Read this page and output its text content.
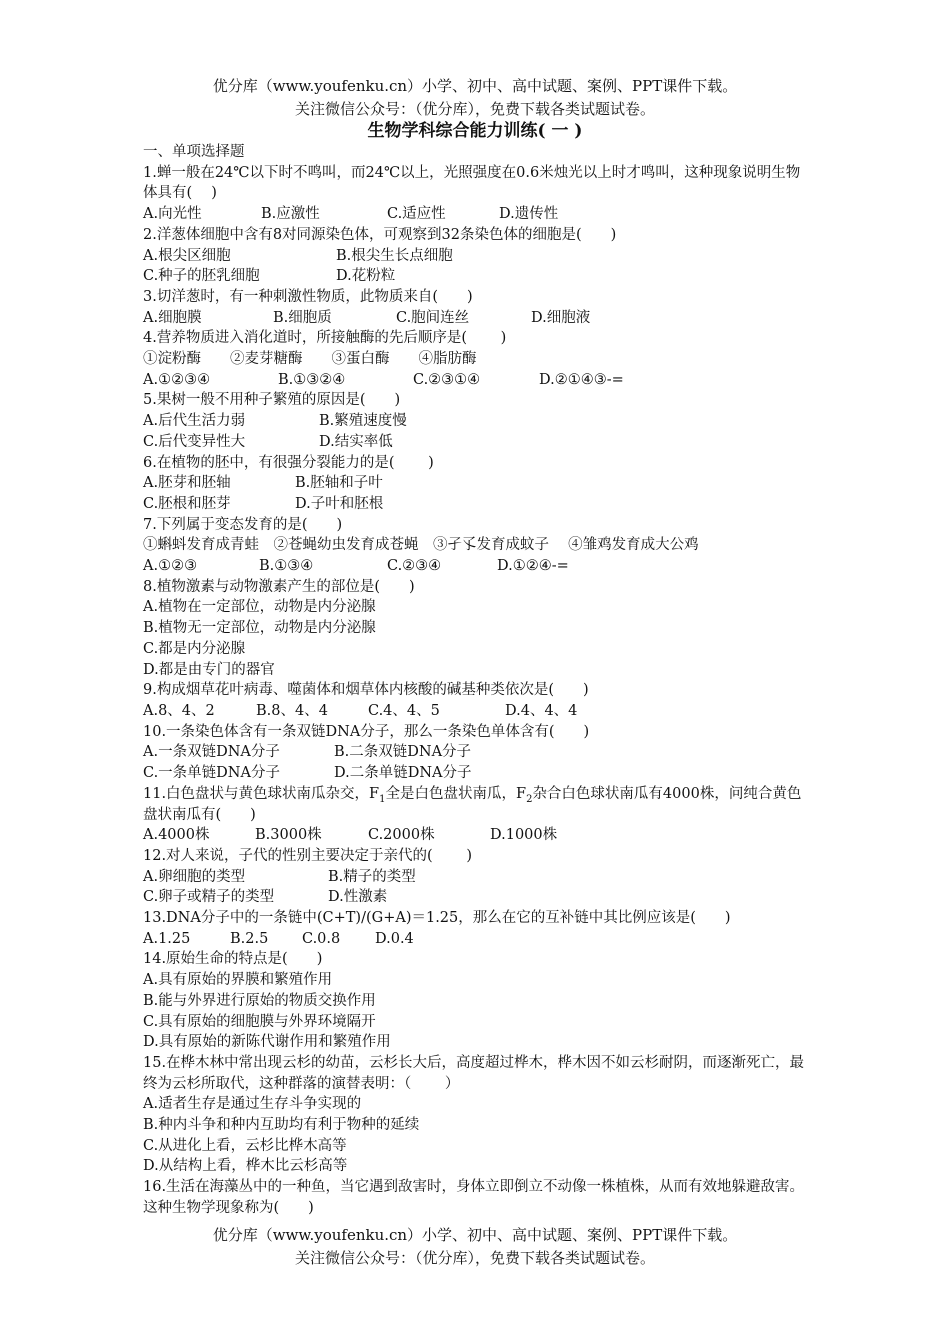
优分库（www.youfenku.cn）小学、初中、高中试题、案例、PPT课件下载。
关注微信公众号：（优分库），免费下载各类试题试卷。
生物学科综合能力训练( 一 )

一、单项选择题

1.蝉一般在24℃以下时不鸣叫，而24℃以上，光照强度在0.6米烛光以上时才鸣叫，这种现象说明生物体具有(　 )

A.向光性	B.应激性	C.适应性	D.遗传性

2.洋葱体细胞中含有8对同源染色体，可观察到32条染色体的细胞是(　　)

A.根尖区细胞	B.根尖生长点细胞

C.种子的胚乳细胞	D.花粉粒

3.切洋葱时，有一种刺激性物质，此物质来自(　　)

A.细胞膜	B.细胞质	C.胞间连丝	D.细胞液

4.营养物质进入消化道时，所接触酶的先后顺序是(　　 )

①淀粉酶　　②麦芽糖酶　　③蛋白酶　　④脂肪酶

A.①②③④	B.①③②④	C.②③①④	D.②①④③-=

5.果树一般不用种子繁殖的原因是(　　)

A.后代生活力弱	B.繁殖速度慢

C.后代变异性大	D.结实率低

6.在植物的胚中，有很强分裂能力的是(　　 )

A.胚芽和胚轴	B.胚轴和子叶

C.胚根和胚芽	D.子叶和胚根

7.下列属于变态发育的是(　　)

①蝌蚪发育成青蛙　②苍蝇幼虫发育成苍蝇　③孑孓发育成蚊子　 ④雏鸡发育成大公鸡

A.①②③	B.①③④	C.②③④	D.①②④-=

8.植物激素与动物激素产生的部位是(　　)

A.植物在一定部位，动物是内分泌腺

B.植物无一定部位，动物是内分泌腺

C.都是内分泌腺

D.都是由专门的器官

9.构成烟草花叶病毒、噬菌体和烟草体内核酸的碱基种类依次是(　　)

A.8、4、2	B.8、4、4	C.4、4、5	D.4、4、4

10.一条染色体含有一条双链DNA分子，那么一条染色单体含有(　　)

A.一条双链DNA分子	B.二条双链DNA分子

C.一条单链DNA分子	D.二条单链DNA分子

11.白色盘状与黄色球状南瓜杂交，$F_1$全是白色盘状南瓜，$F_2$杂合白色球状南瓜有4000株，问纯合黄色盘状南瓜有(　　)

A.4000株	B.3000株	C.2000株	D.1000株

12.对人来说，子代的性别主要决定于亲代的(　　 )

A.卵细胞的类型	B.精子的类型

C.卵子或精子的类型	D.性激素

13.DNA分子中的一条链中(C+T)/(G+A)＝1.25，那么在它的互补链中其比例应该是(　　)

A.1.25	B.2.5 C.0.8 D.0.4

14.原始生命的特点是(　　)

A.具有原始的界膜和繁殖作用

B.能与外界进行原始的物质交换作用

C.具有原始的细胞膜与外界环境隔开

D.具有原始的新陈代谢作用和繁殖作用

15.在桦木林中常出现云杉的幼苗，云杉长大后，高度超过桦木，桦木因不如云杉耐阴，而逐渐死亡，最终为云杉所取代，这种群落的演替表明：（　　 ）

A.适者生存是通过生存斗争实现的

B.种内斗争和种内互助均有利于物种的延续

C.从进化上看，云杉比桦木高等

D.从结构上看，桦木比云杉高等

16.生活在海藻丛中的一种鱼，当它遇到敌害时，身体立即倒立不动像一株植株，从而有效地躲避敌害。这种生物学现象称为(　　)

优分库（www.youfenku.cn）小学、初中、高中试题、案例、PPT课件下载。
关注微信公众号：（优分库），免费下载各类试题试卷。
